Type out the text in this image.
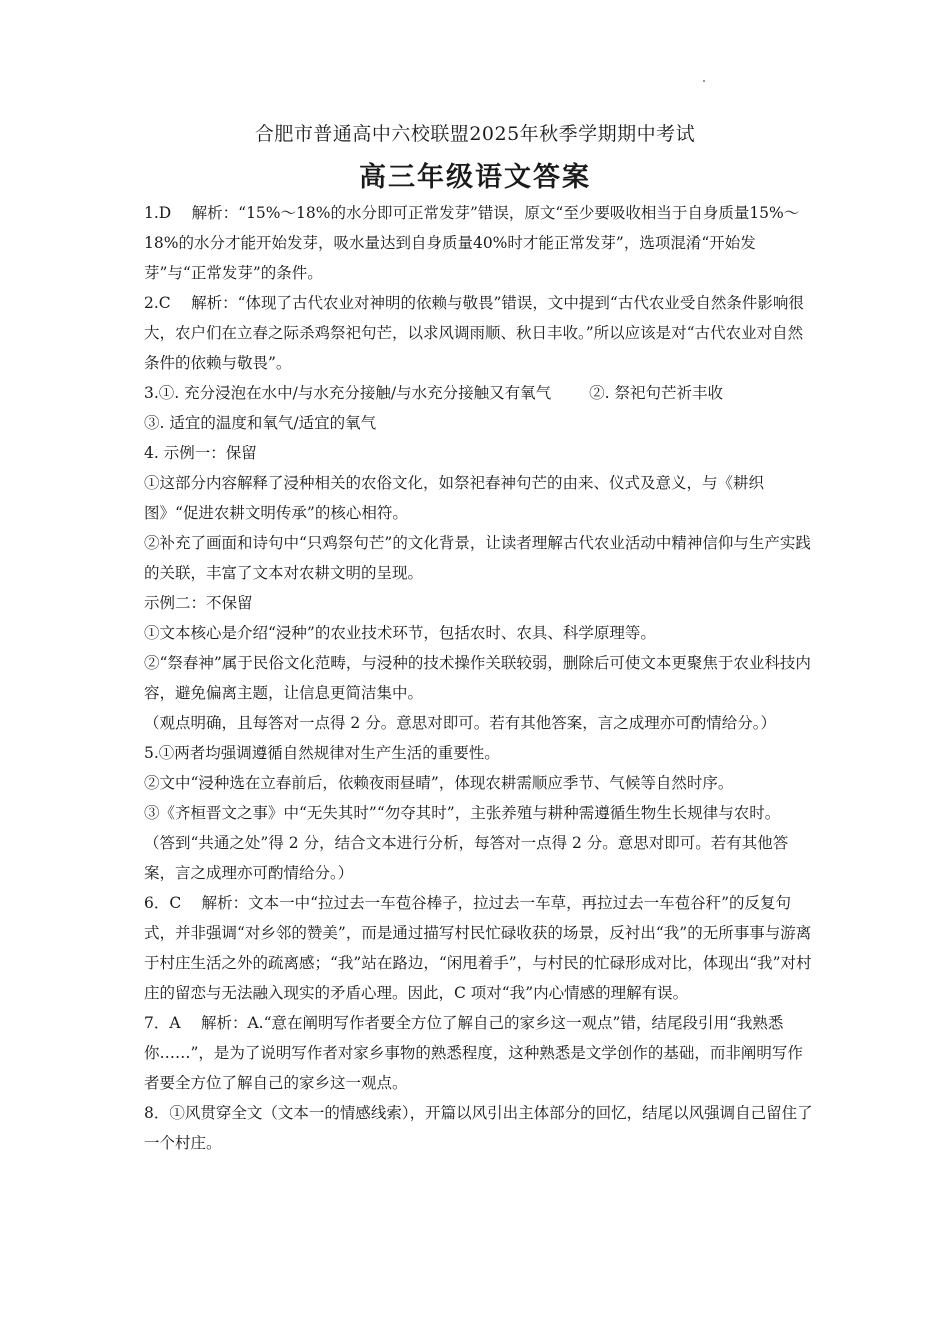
合肥市普通高中六校联盟2025年秋季学期期中考试
高三年级语文答案

1.D　 解析：“15%～18%的水分即可正常发芽”错误，原文“至少要吸收相当于自身质量15%～18%的水分才能开始发芽，吸水量达到自身质量40%时才能正常发芽”，选项混淆“开始发芽”与“正常发芽”的条件。

2.C　 解析：“体现了古代农业对神明的依赖与敬畏”错误，文中提到“古代农业受自然条件影响很大，农户们在立春之际杀鸡祭祀句芒，以求风调雨顺、秋日丰收。”所以应该是对“古代农业对自然条件的依赖与敬畏”。

3.①. 充分浸泡在水中/与水充分接触/与水充分接触又有氧气 ②. 祭祀句芒祈丰收

③. 适宜的温度和氧气/适宜的氧气

4. 示例一：保留

①这部分内容解释了浸种相关的农俗文化，如祭祀春神句芒的由来、仪式及意义，与《耕织图》“促进农耕文明传承”的核心相符。

②补充了画面和诗句中“只鸡祭句芒”的文化背景，让读者理解古代农业活动中精神信仰与生产实践的关联，丰富了文本对农耕文明的呈现。

示例二：不保留

①文本核心是介绍“浸种”的农业技术环节，包括农时、农具、科学原理等。

②“祭春神”属于民俗文化范畴，与浸种的技术操作关联较弱，删除后可使文本更聚焦于农业科技内容，避免偏离主题，让信息更简洁集中。

（观点明确，且每答对一点得 2 分。意思对即可。若有其他答案，言之成理亦可酌情给分。）

5.①两者均强调遵循自然规律对生产生活的重要性。

②文中“浸种选在立春前后，依赖夜雨昼晴”，体现农耕需顺应季节、气候等自然时序。

③《齐桓晋文之事》中“无失其时”“勿夺其时”，主张养殖与耕种需遵循生物生长规律与农时。

（答到“共通之处”得 2 分，结合文本进行分析，每答对一点得 2 分。意思对即可。若有其他答案，言之成理亦可酌情给分。）

6．C　 解析：文本一中“拉过去一车苞谷棒子，拉过去一车草，再拉过去一车苞谷秆”的反复句式，并非强调“对乡邻的赞美”，而是通过描写村民忙碌收获的场景，反衬出“我”的无所事事与游离于村庄生活之外的疏离感；“我”站在路边，“闲甩着手”，与村民的忙碌形成对比，体现出“我”对村庄的留恋与无法融入现实的矛盾心理。因此，C 项对“我”内心情感的理解有误。

7．A　 解析：A.“意在阐明写作者要全方位了解自己的家乡这一观点”错，结尾段引用“我熟悉你……”，是为了说明写作者对家乡事物的熟悉程度，这种熟悉是文学创作的基础，而非阐明写作者要全方位了解自己的家乡这一观点。

8．①风贯穿全文（文本一的情感线索），开篇以风引出主体部分的回忆，结尾以风强调自己留住了一个村庄。
